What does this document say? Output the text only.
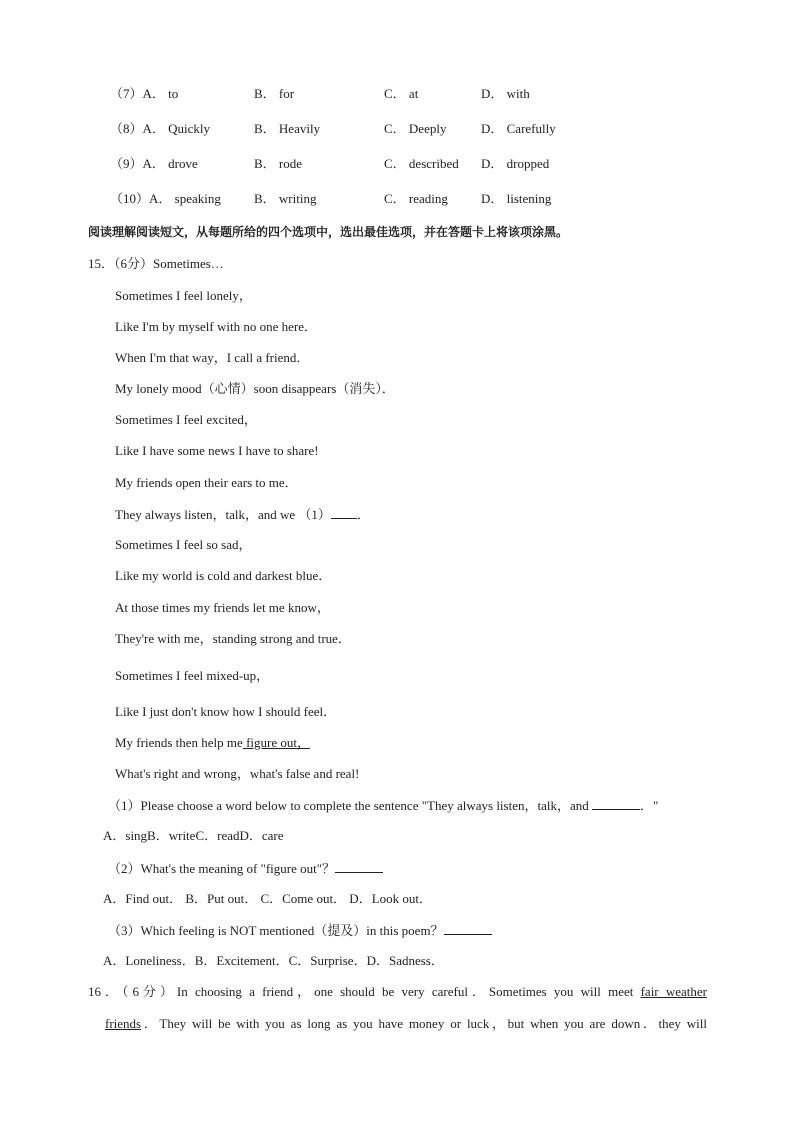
（7）A． to	B． for	C． at	D． with
（8）A． Quickly	B． Heavily	C． Deeply	D． Carefully
（9）A． drove	B． rode	C． described D． dropped
（10）A． speaking	B． writing	C． reading	D． listening
阅读理解阅读短文，从每题所给的四个选项中，选出最佳选项，并在答题卡上将该项涂黑。
15．（6分）Sometimes…
Sometimes I feel lonely，
Like I'm by myself with no one here．
When I'm that way，I call a friend．
My lonely mood（心情）soon disappears（消失）．
Sometimes I feel excited，
Like I have some news I have to share!
My friends open their ears to me．
They always listen，talk，and we （1） ．
Sometimes I feel so sad，
Like my world is cold and darkest blue．
At those times my friends let me know，
They're with me，standing strong and true．
Sometimes I feel mixed-up，
Like I just don't know how I should feel．
My friends then help me figure out，
What's right and wrong，what's false and real!
（1）Please choose a word below to complete the sentence "They always listen，talk，and	．"
A．singB．writeC．readD．care
（2）What's the meaning of "figure out"？
A．Find out． B．Put out． C．Come out． D．Look out．
（3）Which feeling is NOT mentioned（提及）in this poem？
A．Loneliness．B．Excitement．C．Surprise．D．Sadness．
16．（6分）In choosing a friend，one should be very careful．Sometimes you will meet fair weather
friends．They will be with you as long as you have money or luck，but when you are down．they will
